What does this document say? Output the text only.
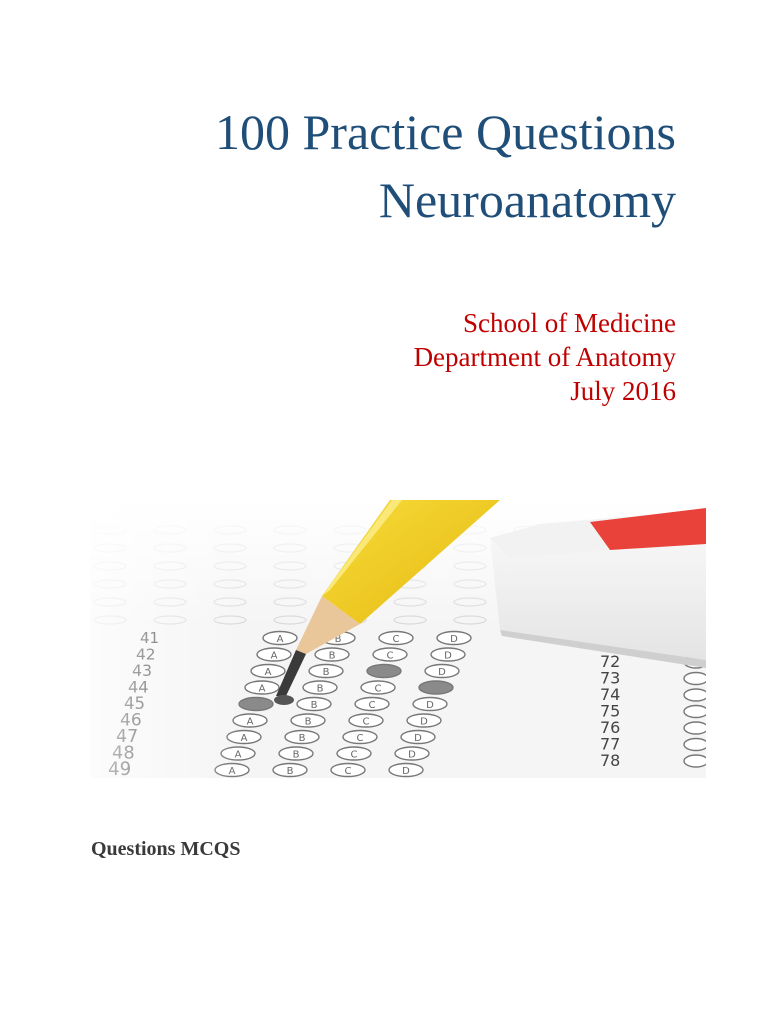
100 Practice Questions
Neuroanatomy
School of Medicine
Department of Anatomy
July 2016
Questions MCQS
